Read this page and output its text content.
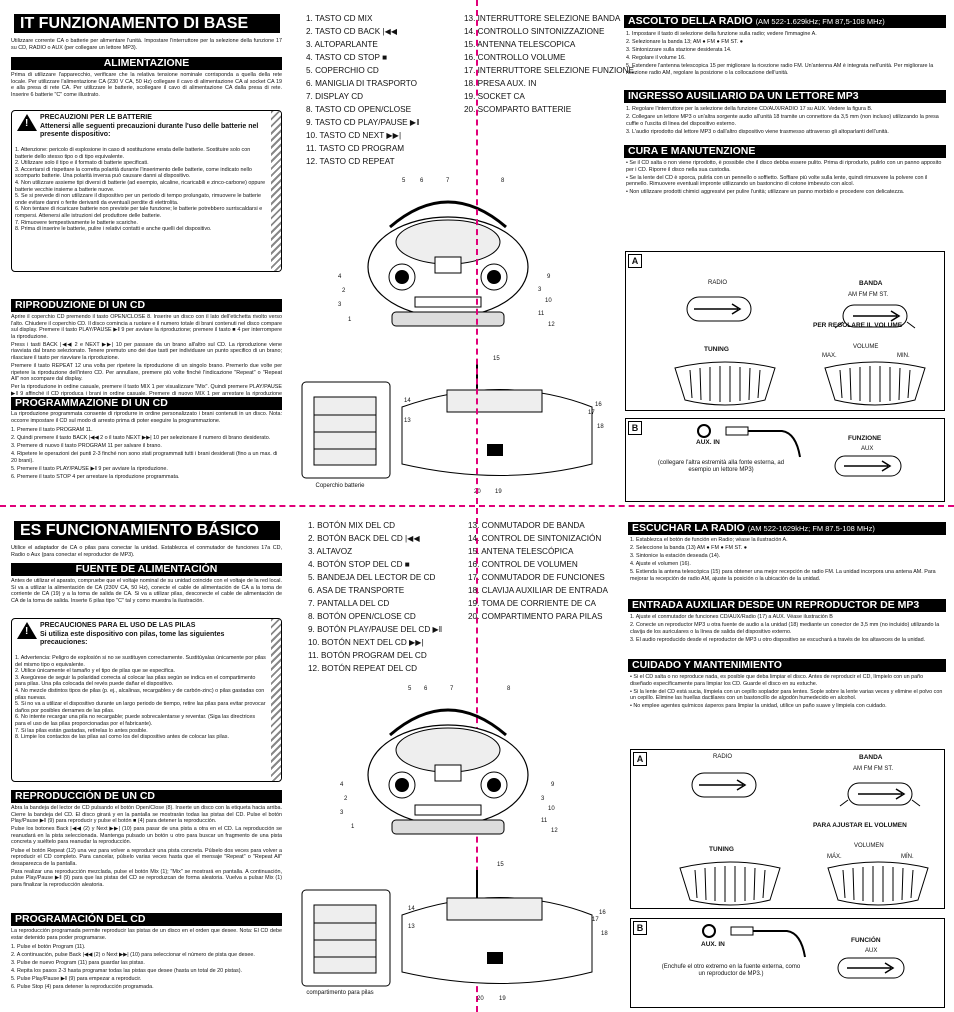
IT FUNZIONAMENTO DI BASE
Utilizzare corrente CA o batterie per alimentare l'unità. Impostare l'interruttore per la selezione della funzione 17 su CD, RADIO o AUX (per collegare un lettore MP3).
ALIMENTAZIONE
Prima di utilizzare l'apparecchio, verificare che la relativa tensione nominale corrisponda a quella della rete locale. Per utilizzare l'alimentazione CA (230 V CA, 50 Hz) collegare il cavo di alimentazione CA al socket CA 19 e alla presa di rete CA. Per utilizzare le batterie, scollegare il cavo di alimentazione CA dalla presa di rete. Inserire 6 batterie "C" come illustrato.
!
PRECAUZIONI PER LE BATTERIE
Attenersi alle seguenti precauzioni durante l'uso delle batterie nel presente dispositivo:
1. Attenzione: pericolo di esplosione in caso di sostituzione errata delle batterie. Sostituire solo con batterie dello stesso tipo o di tipo equivalente.
2. Utilizzare solo il tipo e il formato di batterie specificati.
3. Accertarsi di rispettare la corretta polarità durante l'inserimento delle batterie, come indicato nello scomparto batterie. Una polarità inversa può causare danni al dispositivo.
4. Non utilizzare assieme tipi diversi di batterie (ad esempio, alcaline, ricaricabili e zinco-carbone) oppure batterie vecchie insieme a batterie nuove.
5. Se si prevede di non utilizzare il dispositivo per un periodo di tempo prolungato, rimuovere le batterie onde evitare danni o ferite derivanti da eventuali perdite di elettrolita.
6. Non tentare di ricaricare batterie non previste per tale funzione; le batterie potrebbero surriscaldarsi e rompersi. Attenersi alle istruzioni del produttore delle batterie.
7. Rimuovere tempestivamente le batterie scariche.
8. Prima di inserire le batterie, pulire i relativi contatti e anche quelli del dispositivo.
RIPRODUZIONE DI UN CD
Aprire il coperchio CD premendo il tasto OPEN/CLOSE 8. Inserire un disco con il lato dell'etichetta rivolto verso l'alto. Chiudere il coperchio CD. Il disco comincia a ruotare e il numero totale di brani contenuti nel disco compare sul display. Premere il tasto PLAY/PAUSE ▶‖ 9 per avviare la riproduzione; premere il tasto ■ 4 per interrompere la riproduzione.
Press i tasti BACK |◀◀ 2 e NEXT ▶▶| 10 per passare da un brano all'altro sul CD. La riproduzione viene riavviata dal brano selezionato. Tenere premuto uno dei due tasti per individuare un punto specifico di un brano; rilasciare il tasto per riavviare la riproduzione.
Premere il tasto REPEAT 12 una volta per ripetere la riproduzione di un singolo brano. Premerlo due volte per ripetere la riproduzione dell'intero CD. Per annullare, premere più volte finché l'indicazione "Repeat" o "Repeat All" non scompare dal display.
Per la riproduzione in ordine casuale, premere il tasto MIX 1 per visualizzare "Mix". Quindi premere PLAY/PAUSE ▶‖ 9 affinché il CD riproduca i brani in ordine casuale. Premere di nuovo MIX 1 per arrestare la riproduzione
PROGRAMMAZIONE DI UN CD
La riproduzione programmata consente di riprodurre in ordine personalizzato i brani contenuti in un disco. Nota: occorre impostare il CD sul modo di arresto prima di poter eseguire la programmazione.
1. Premere il tasto PROGRAM 11.
2. Quindi premere il tasto BACK |◀◀ 2 o il tasto NEXT ▶▶| 10 per selezionare il numero di brano desiderato.
3. Premere di nuovo il tasto PROGRAM 11 per salvare il brano.
4. Ripetere le operazioni dei punti 2-3 finché non sono stati programmati tutti i brani desiderati (fino a un max. di 20 brani).
5. Premere il tasto PLAY/PAUSE ▶‖ 9 per avviare la riproduzione.
6. Premere il tasto STOP 4 per arrestare la riproduzione programmata.
1. TASTO CD MIX
2. TASTO CD BACK |◀◀
3. ALTOPARLANTE
4. TASTO CD STOP ■
5. COPERCHIO CD
6. MANIGLIA DI TRASPORTO
7. DISPLAY CD
8. TASTO CD OPEN/CLOSE
9. TASTO CD PLAY/PAUSE ▶‖
10. TASTO CD NEXT ▶▶|
11. TASTO CD PROGRAM
12. TASTO CD REPEAT
13. INTERRUTTORE SELEZIONE BANDA
14. CONTROLLO SINTONIZZAZIONE
15. ANTENNA TELESCOPICA
16. CONTROLLO VOLUME
17. INTERRUTTORE SELEZIONE FUNZIONE
18. PRESA AUX. IN
19. SOCKET CA
20. SCOMPARTO BATTERIE
5 6	7	8
4
2
3
1
9
3
10
11
12
15
14
13
16
17
18
20 19
Coperchio batterie
ASCOLTO DELLA RADIO (AM 522-1.629kHz; FM 87,5-108 MHz)
1. Impostare il tasto di selezione della funzione sulla radio; vedere l'immagine A.
2. Selezionare la banda 13; AM ● FM ● FM ST. ●
3. Sintonizzare sulla stazione desiderata 14.
4. Regolare il volume 16.
5. Estendere l'antenna telescopica 15 per migliorare la ricezione radio FM. Un'antenna AM è integrata nell'unità. Per migliorare la ricezione radio AM, regolare la posizione o la collocazione dell'unità.
INGRESSO AUSILIARIO DA UN LETTORE MP3
1. Regolare l'interruttore per la selezione della funzione CD/AUX/RADIO 17 su AUX. Vedere la figura B.
2. Collegare un lettore MP3 o un'altra sorgente audio all'unità 18 tramite un connettore da 3,5 mm (non incluso) utilizzando la presa cuffie o l'uscita di linea del dispositivo esterno.
3. L'audio riprodotto dal lettore MP3 o dall'altro dispositivo viene trasmesso attraverso gli altoparlanti dell'unità.
CURA E MANUTENZIONE
• Se il CD salta o non viene riprodotto, è possibile che il disco debba essere pulito. Prima di riprodurlo, pulirlo con un panno apposito per i CD. Riporre il disco nella sua custodia.
• Se la lente del CD è sporca, pulirla con un pennello o soffietto. Soffiare più volte sulla lente, quindi rimuovere la polvere con il pennello. Rimuovere eventuali impronte utilizzando un bastoncino di cotone imbevuto con alcol.
• Non utilizzare prodotti chimici aggressivi per pulire l'unità; utilizzare un panno morbido e procedere con delicatezza.
A
RADIO	BANDA
AM FM FM ST.
PER REGOLARE IL VOLUME
TUNING	VOLUME
MAX.	MIN.
B
AUX. IN
FUNZIONE
AUX
(collegare l'altra estremità alla fonte esterna, ad esempio un lettore MP3)
ES FUNCIONAMIENTO BÁSICO
Utilice el adaptador de CA o pilas para conectar la unidad. Establezca el conmutador de funciones 17a CD, Radio o Aux (para conectar el reproductor de MP3).
FUENTE DE ALIMENTACIÓN
Antes de utilizar el aparato, compruebe que el voltaje nominal de su unidad coincide con el voltaje de la red local. Si va a utilizar la alimentación de CA (230V CA, 50 Hz), conecte el cable de alimentación de CA a la toma de corriente de CA (19) y a la toma de salida de CA. Si va a utilizar pilas, desconecte el cable de alimentación de CA de la toma de salida. Inserte 6 pilas tipo "C" tal y como muestra la ilustración.
!
PRECAUCIONES PARA EL USO DE LAS PILAS
Si utiliza este dispositivo con pilas, tome las siguientes precauciones:
1. Advertencia: Peligro de explosión si no se sustituyen correctamente. Sustitúyalas únicamente por pilas del mismo tipo o equivalente.
2. Utilice únicamente el tamaño y el tipo de pilas que se especifica.
3. Asegúrese de seguir la polaridad correcta al colocar las pilas según se indica en el compartimento para pilas. Una pila colocada del revés puede dañar el dispositivo.
4. No mezcle distintos tipos de pilas (p. ej., alcalinas, recargables y de carbón-zinc) o pilas gastadas con pilas nuevas.
5. Si no va a utilizar el dispositivo durante un largo periodo de tiempo, retire las pilas para evitar provocar daños por posibles derrames de las pilas.
6. No intente recargar una pila no recargable; puede sobrecalentarse y reventar. (Siga las directrices para el uso de las pilas proporcionadas por el fabricante).
7. Si las pilas están gastadas, retírelas lo antes posible.
8. Limpie los contactos de las pilas así como los del dispositivo antes de colocar las pilas.
REPRODUCCIÓN DE UN CD
Abra la bandeja del lector de CD pulsando el botón Open/Close (8). Inserte un disco con la etiqueta hacia arriba. Cierre la bandeja del CD. El disco girará y en la pantalla se mostrarán todas las pistas del CD. Pulse el botón Play/Pause ▶‖ (9) para reproducir y pulse el botón ■ (4) para detener la reproducción.
Pulse los botones Back |◀◀ (2) y Next ▶▶| (10) para pasar de una pista a otra en el CD. La reproducción se reanudará en la pista seleccionada. Mantenga pulsado un botón u otro para buscar un fragmento de una pista concreta y suéltelo para reanudar la reproducción.
Pulse el botón Repeat (12) una vez para volver a reproducir una pista concreta. Púlselo dos veces para volver a reproducir el CD completo. Para cancelar, púlselo varias veces hasta que el mensaje "Repeat" o "Repeat All" desaparezca de la pantalla.
Para realizar una reproducción mezclada, pulse el botón Mix (1); "Mix" se mostrará en pantalla. A continuación, pulse Play/Pause ▶‖ (9) para que las pistas del CD se reproduzcan de forma aleatoria. Vuelva a pulsar Mix (1) para finalizar la reproducción aleatoria.
PROGRAMACIÓN DEL CD
La reproducción programada permite reproducir las pistas de un disco en el orden que desee. Nota: El CD debe estar detenido para poder programarse.
1. Pulse el botón Program (11).
2. A continuación, pulse Back |◀◀ (2) o Next ▶▶| (10) para seleccionar el número de pista que desee.
3. Pulse de nuevo Program (11) para guardar las pistas.
4. Repita los pasos 2-3 hasta programar todas las pistas que desee (hasta un total de 20 pistas).
5. Pulse Play/Pause ▶‖ (9) para empezar a reproducir.
6. Pulse Stop (4) para detener la reproducción programada.
1. BOTÓN MIX DEL CD
2. BOTÓN BACK DEL CD |◀◀
3. ALTAVOZ
4. BOTÓN STOP DEL CD ■
5. BANDEJA DEL LECTOR DE CD
6. ASA DE TRANSPORTE
7. PANTALLA DEL CD
8. BOTÓN OPEN/CLOSE CD
9. BOTÓN PLAY/PAUSE DEL CD ▶‖
10. BOTÓN NEXT DEL CD ▶▶|
11. BOTÓN PROGRAM DEL CD
12. BOTÓN REPEAT DEL CD
13. CONMUTADOR DE BANDA
14. CONTROL DE SINTONIZACIÓN
15. ANTENA TELESCÓPICA
16. CONTROL DE VOLUMEN
17. CONMUTADOR DE FUNCIONES
18. CLAVIJA AUXILIAR DE ENTRADA
19. TOMA DE CORRIENTE DE CA
20. COMPARTIMENTO PARA PILAS
5 6	7	8
4
2
3
1
9
3
10
11
12
15
14
13
16
17
18
20	19
compartimento para pilas
ESCUCHAR LA RADIO (AM 522-1629kHz; FM 87.5-108 MHz)
1. Establezca el botón de función en Radio; véase la ilustración A.
2. Seleccione la banda (13) AM ● FM ● FM ST. ●
3. Sintonice la estación deseada (14).
4. Ajuste el volumen (16).
5. Extienda la antena telescópica (15) para obtener una mejor recepción de radio FM. La unidad incorpora una antena AM. Para mejorar la recepción de radio AM, ajuste la posición o la ubicación de la unidad.
ENTRADA AUXILIAR DESDE UN REPRODUCTOR DE MP3
1. Ajuste el conmutador de funciones CD/AUX/Radio (17) a AUX. Véase ilustración B
2. Conecte un reproductor MP3 u otra fuente de audio a la unidad (18) mediante un conector de 3,5 mm (no incluido) utilizando la clavija de los auriculares o la línea de salida del dispositivo externo.
3. El audio reproducido desde el reproductor de MP3 u otro dispositivo se escuchará a través de los altavoces de la unidad.
CUIDADO Y MANTENIMIENTO
• Si el CD salta o no reproduce nada, es posible que deba limpiar el disco. Antes de reproducir el CD, límpielo con un paño diseñado específicamente para limpiar los CD. Guarde el disco en su estuche.
• Si la lente del CD está sucia, límpiela con un cepillo soplador para lentes. Sople sobre la lente varias veces y elimine el polvo con un cepillo. Elimine las huellas dactilares con un bastoncillo de algodón humedecido en alcohol.
• No emplee agentes químicos ásperos para limpiar la unidad, utilice un paño suave y limpiela con cuidado.
A	RADIO	BANDA
AM FM FM ST.
PARA AJUSTAR EL VOLUMEN
TUNING	VOLUMEN
MÁX.	MÍN.
B
AUX. IN
FUNCIÓN
AUX
(Enchufe el otro extremo en la fuente externa, como un reproductor de MP3.)
